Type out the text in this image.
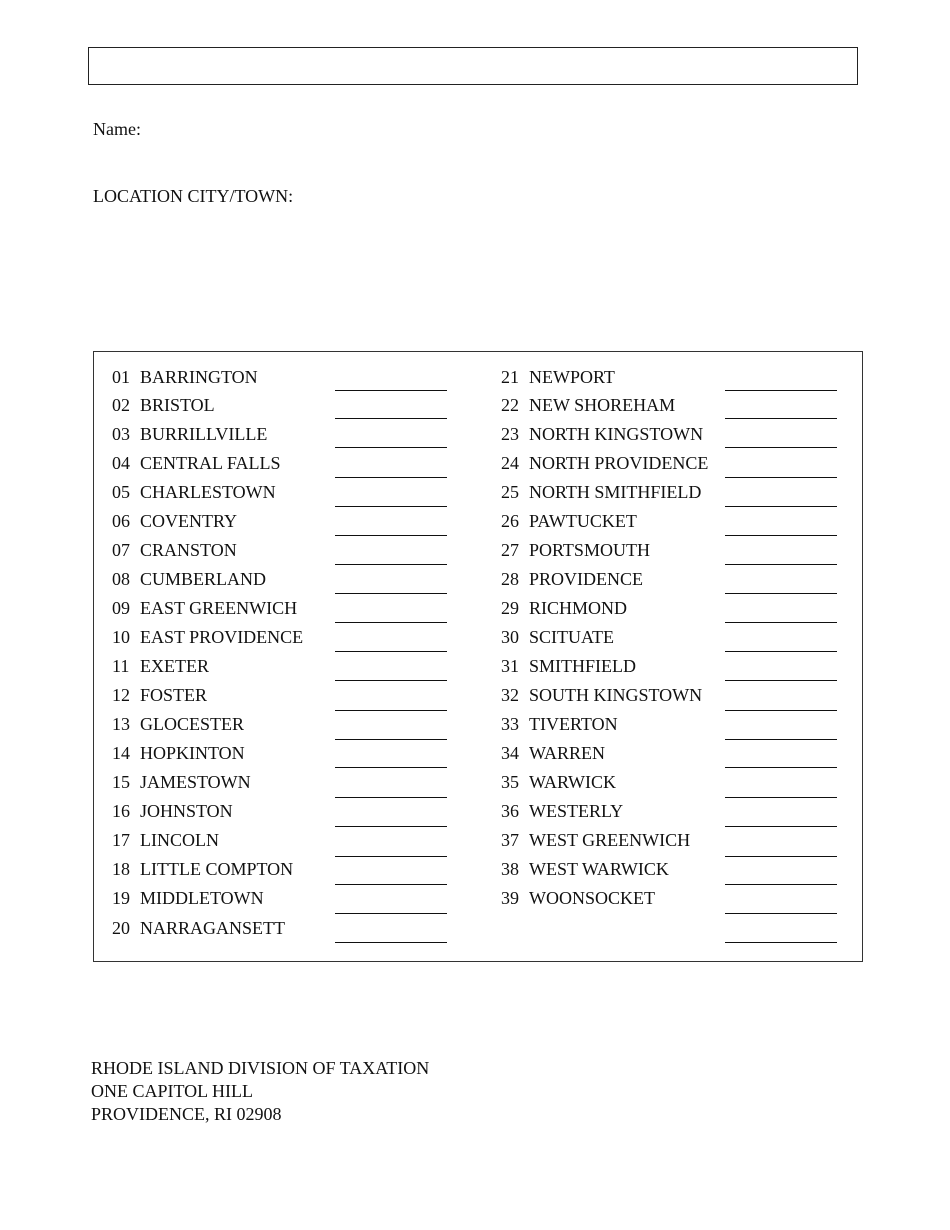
Name:
LOCATION CITY/TOWN:
01 BARRINGTON
02 BRISTOL
03 BURRILLVILLE
04 CENTRAL FALLS
05 CHARLESTOWN
06 COVENTRY
07 CRANSTON
08 CUMBERLAND
09 EAST GREENWICH
10 EAST PROVIDENCE
11 EXETER
12 FOSTER
13 GLOCESTER
14 HOPKINTON
15 JAMESTOWN
16 JOHNSTON
17 LINCOLN
18 LITTLE COMPTON
19 MIDDLETOWN
20 NARRAGANSETT
21 NEWPORT
22 NEW SHOREHAM
23 NORTH KINGSTOWN
24 NORTH PROVIDENCE
25 NORTH SMITHFIELD
26 PAWTUCKET
27 PORTSMOUTH
28 PROVIDENCE
29 RICHMOND
30 SCITUATE
31 SMITHFIELD
32 SOUTH KINGSTOWN
33 TIVERTON
34 WARREN
35 WARWICK
36 WESTERLY
37 WEST GREENWICH
38 WEST WARWICK
39 WOONSOCKET
RHODE ISLAND DIVISION OF TAXATION
ONE CAPITOL HILL
PROVIDENCE, RI 02908
